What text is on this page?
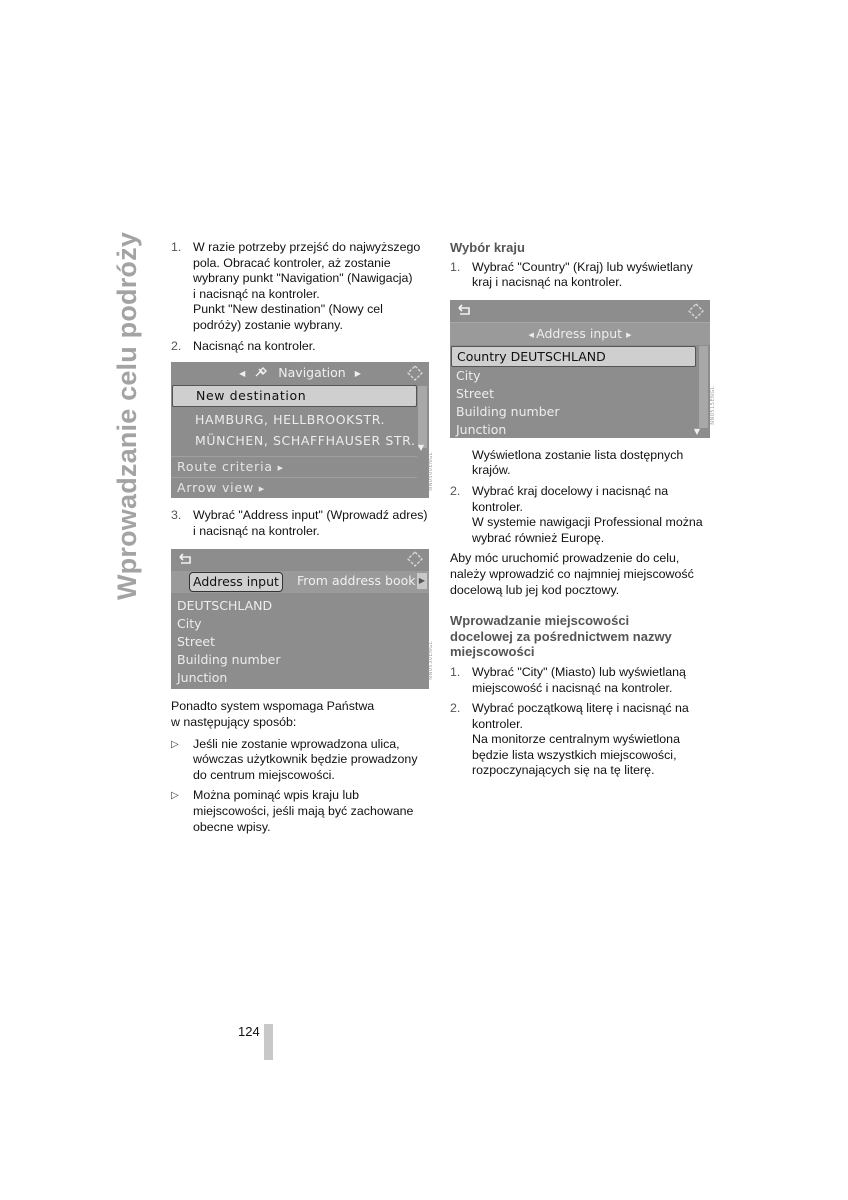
Wprowadzanie celu podróży	1. W razie potrzeby przejść do najwyższego
pola. Obracać kontroler, aż zostanie
wybrany punkt "Navigation" (Nawigacja)
i nacisnąć na kontroler.
Punkt "New destination" (Nowy cel
podróży) zostanie wybrany.
2. Nacisnąć na kontroler.
◀	Navigation ▶
New destination
HAMBURG, HELLBROOKSTR.
MÜNCHEN, SCHAFFHAUSER STR. ▼
Route criteria ▶
Arrow view ▶	NN0500ENGL
3. Wybrać "Address input" (Wprowadź adres)
i nacisnąć na kontroler.
Address input	From address book ▶
DEUTSCHLAND
City
Street
Building number
Junction	NN0530ENGL
Ponadto system wspomaga Państwa
w następujący sposób:
▷	Jeśli nie zostanie wprowadzona ulica,
wówczas użytkownik będzie prowadzony
do centrum miejscowości.
▷	Można pominąć wpis kraju lub
miejscowości, jeśli mają być zachowane
obecne wpisy.
Wybór kraju
1. Wybrać "Country" (Kraj) lub wyświetlany
kraj i nacisnąć na kontroler.
◀ Address input ▶
Country DEUTSCHLAND
City
Street
Building number
Junction	▼
NN0515ENGL
Wyświetlona zostanie lista dostępnych
krajów.
2. Wybrać kraj docelowy i nacisnąć na
kontroler.
W systemie nawigacji Professional można
wybrać również Europę.
Aby móc uruchomić prowadzenie do celu,
należy wprowadzić co najmniej miejscowość
docelową lub jej kod pocztowy.
Wprowadzanie miejscowości
docelowej za pośrednictwem nazwy
miejscowości
1. Wybrać "City" (Miasto) lub wyświetlaną
miejscowość i nacisnąć na kontroler.
2. Wybrać początkową literę i nacisnąć na
kontroler.
Na monitorze centralnym wyświetlona
będzie lista wszystkich miejscowości,
rozpoczynających się na tę literę.
124
